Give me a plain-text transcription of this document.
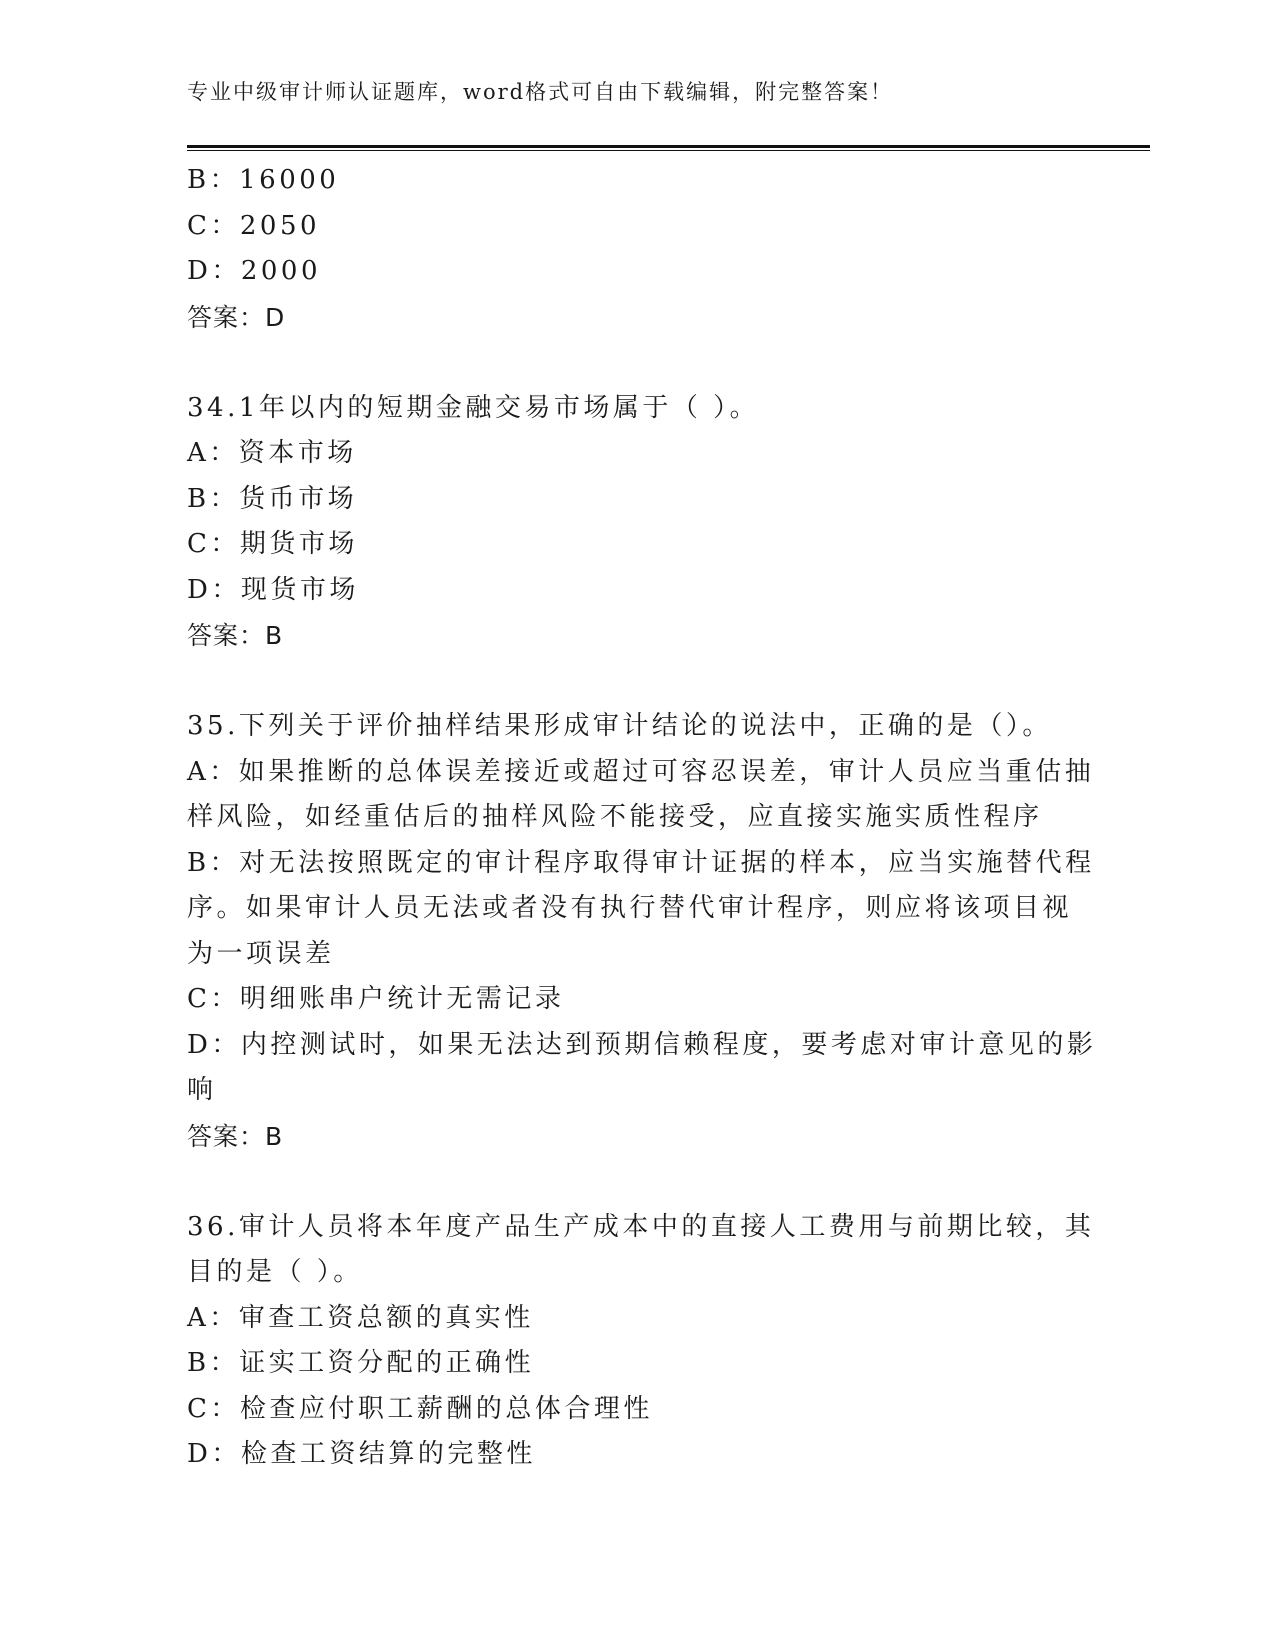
专业中级审计师认证题库，word格式可自由下载编辑，附完整答案！
B：16000
C：2050
D：2000
答案：D
34.1年以内的短期金融交易市场属于（ ）。
A：资本市场
B：货币市场
C：期货市场
D：现货市场
答案：B
35.下列关于评价抽样结果形成审计结论的说法中，正确的是（）。
A：如果推断的总体误差接近或超过可容忍误差，审计人员应当重估抽
样风险，如经重估后的抽样风险不能接受，应直接实施实质性程序
B：对无法按照既定的审计程序取得审计证据的样本，应当实施替代程
序。如果审计人员无法或者没有执行替代审计程序，则应将该项目视
为一项误差
C：明细账串户统计无需记录
D：内控测试时，如果无法达到预期信赖程度，要考虑对审计意见的影
响
答案：B
36.审计人员将本年度产品生产成本中的直接人工费用与前期比较，其
目的是（ ）。
A：审查工资总额的真实性
B：证实工资分配的正确性
C：检查应付职工薪酬的总体合理性
D：检查工资结算的完整性
